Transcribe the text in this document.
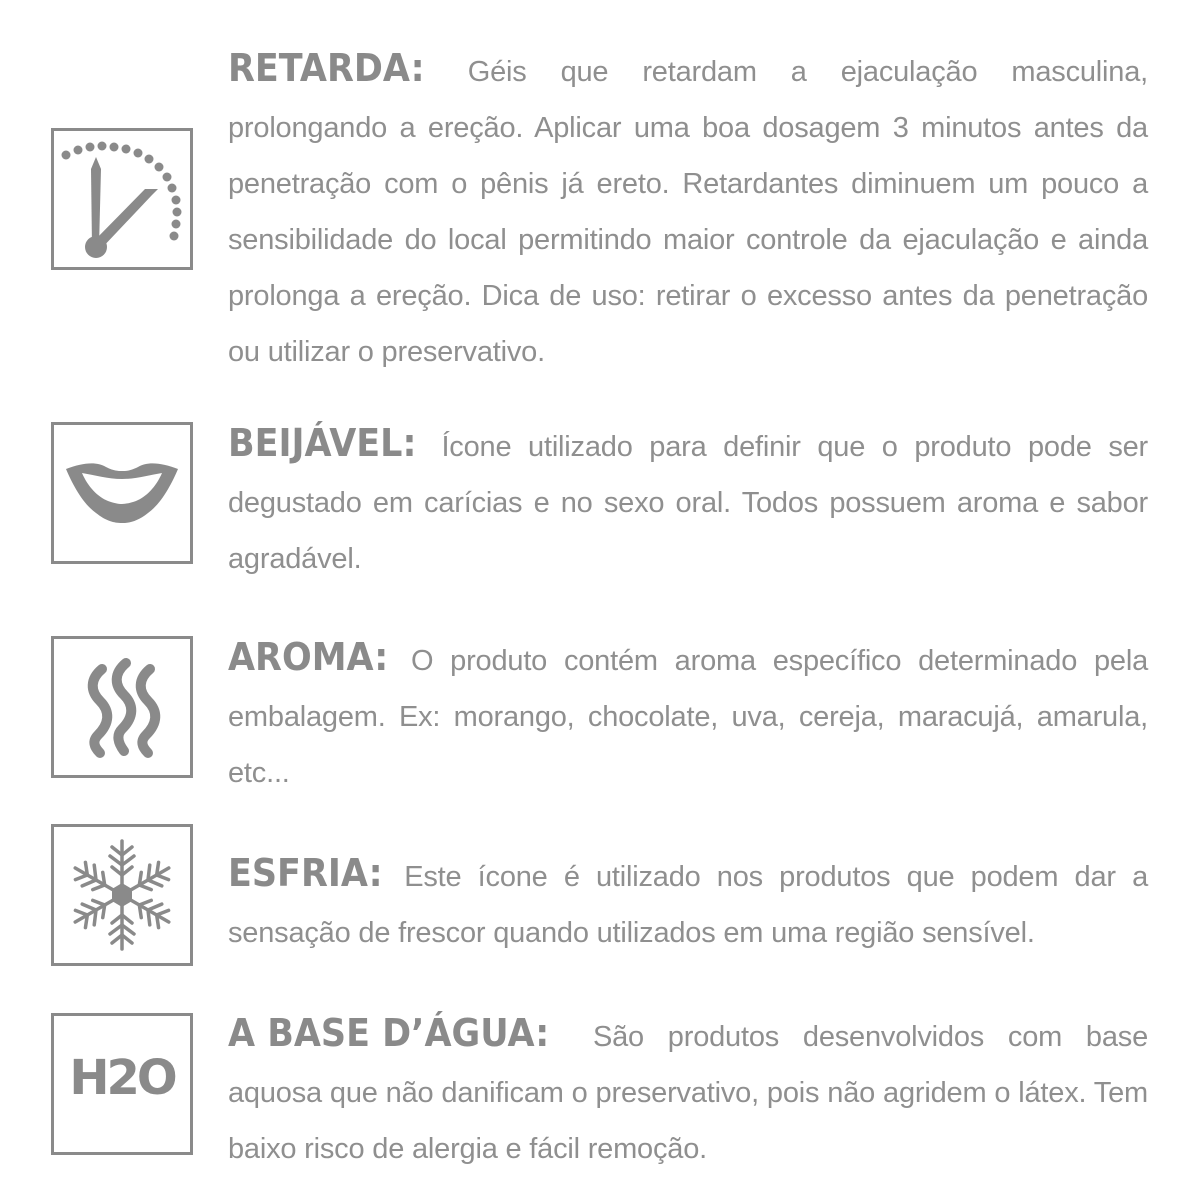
RETARDA: Géis que retardam a ejaculação masculina, prolongando a ereção. Aplicar uma boa dosagem 3 minutos antes da penetração com o pênis já ereto. Retardantes diminuem um pouco a sensibilidade do local permitindo maior controle da ejaculação e ainda prolonga a ereção. Dica de uso: retirar o excesso antes da penetração ou utilizar o preservativo.
BEIJÁVEL: Ícone utilizado para definir que o produto pode ser degustado em carícias e no sexo oral. Todos possuem aroma e sabor agradável.
AROMA: O produto contém aroma específico determinado pela embalagem. Ex: morango, chocolate, uva, cereja, maracujá, amarula, etc...
ESFRIA: Este ícone é utilizado nos produtos que podem dar a sensação de frescor quando utilizados em uma região sensível.
H2O
A BASE D’ÁGUA: São produtos desenvolvidos com base aquosa que não danificam o preservativo, pois não agridem o látex. Tem baixo risco de alergia e fácil remoção.
